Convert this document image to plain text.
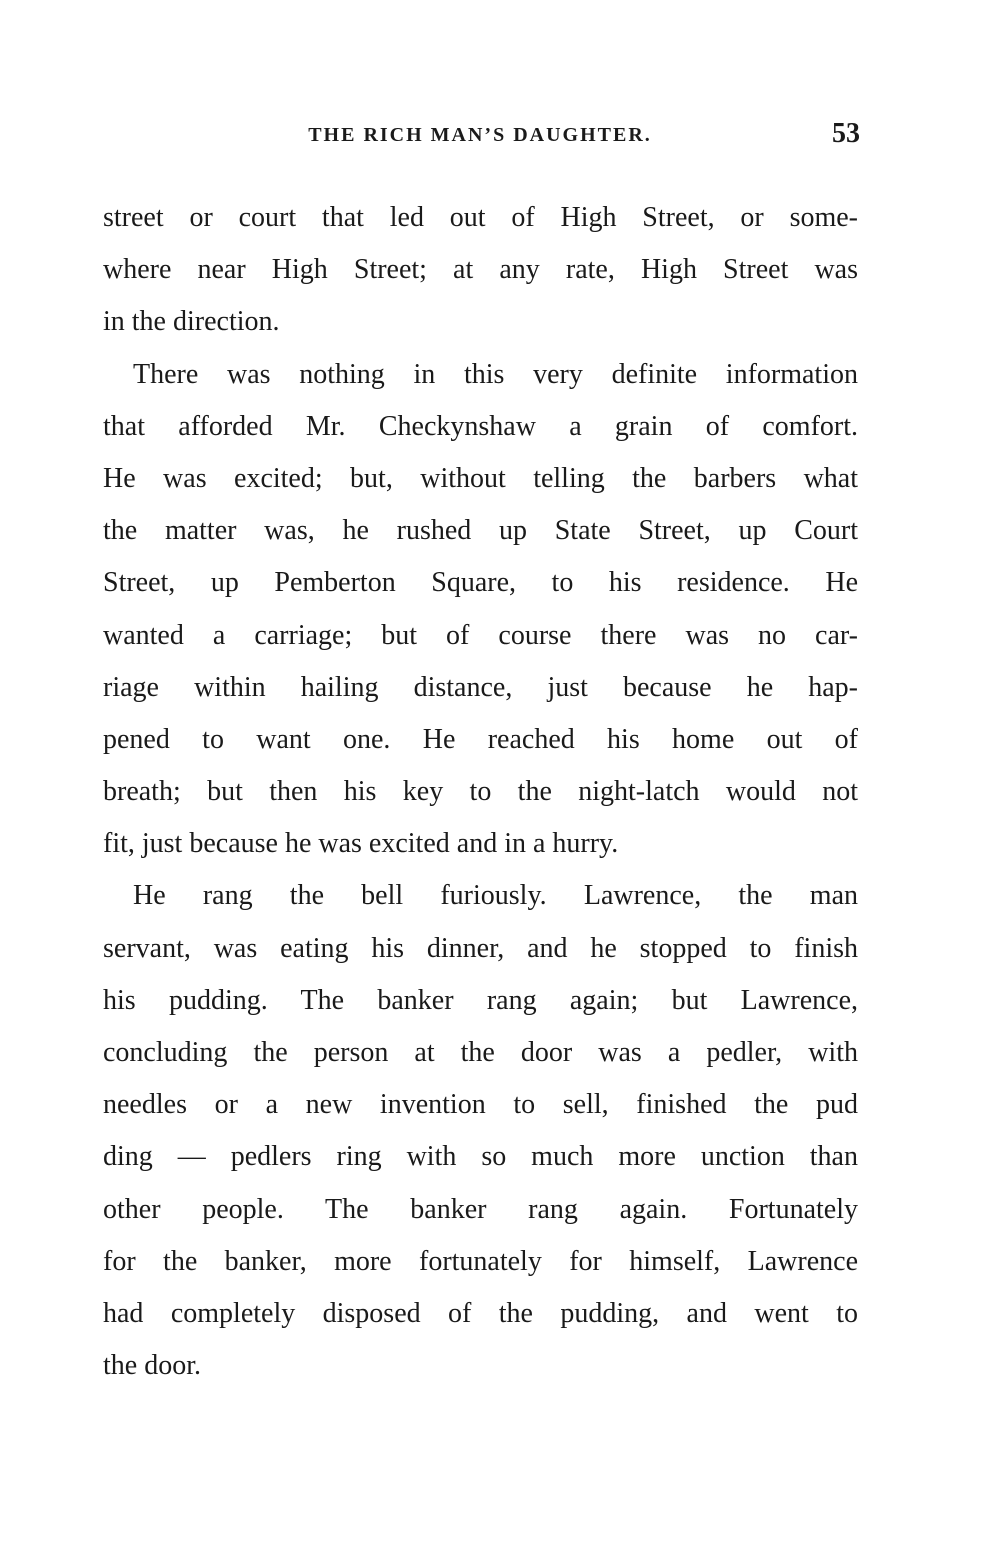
THE RICH MAN’S DAUGHTER.	53
street or court that led out of High Street, or some-
where near High Street; at any rate, High Street was
in the direction.
There was nothing in this very definite information
that afforded Mr. Checkynshaw a grain of comfort.
He was excited; but, without telling the barbers what
the matter was, he rushed up State Street, up Court
Street, up Pemberton Square, to his residence. He
wanted a carriage; but of course there was no car-
riage within hailing distance, just because he hap-
pened to want one. He reached his home out of
breath; but then his key to the night-latch would not
fit, just because he was excited and in a hurry.
He rang the bell furiously. Lawrence, the man
servant, was eating his dinner, and he stopped to finish
his pudding. The banker rang again; but Lawrence,
concluding the person at the door was a pedler, with
needles or a new invention to sell, finished the pud
ding — pedlers ring with so much more unction than
other people. The banker rang again. Fortunately
for the banker, more fortunately for himself, Lawrence
had completely disposed of the pudding, and went to
the door.
